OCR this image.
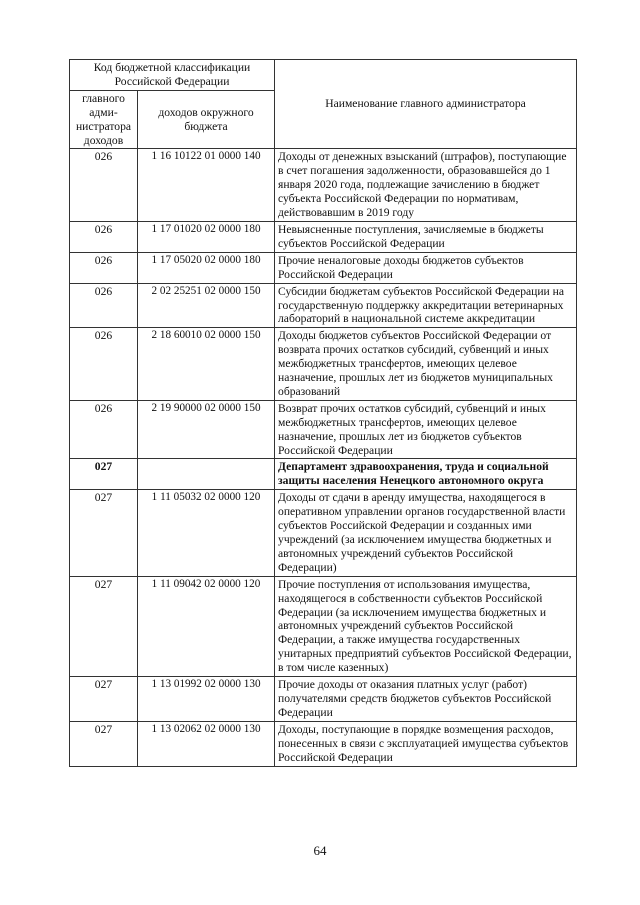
Код бюджетной классификации Российской Федерации		Наименование главного администратора
главного адми-нистратора доходов	доходов окружного бюджета	
026	1 16 10122 01 0000 140	Доходы от денежных взысканий (штрафов), поступающие в счет погашения задолженности, образовавшейся до 1 января 2020 года, подлежащие зачислению в бюджет субъекта Российской Федерации по нормативам, действовавшим в 2019 году
026	1 17 01020 02 0000 180	Невыясненные поступления, зачисляемые в бюджеты субъектов Российской Федерации
026	1 17 05020 02 0000 180	Прочие неналоговые доходы бюджетов субъектов Российской Федерации
026	2 02 25251 02 0000 150	Субсидии бюджетам субъектов Российской Федерации на государственную поддержку аккредитации ветеринарных лабораторий в национальной системе аккредитации
026	2 18 60010 02 0000 150	Доходы бюджетов субъектов Российской Федерации от возврата прочих остатков субсидий, субвенций и иных межбюджетных трансфертов, имеющих целевое назначение, прошлых лет из бюджетов муниципальных образований
026	2 19 90000 02 0000 150	Возврат прочих остатков субсидий, субвенций и иных межбюджетных трансфертов, имеющих целевое назначение, прошлых лет из бюджетов субъектов Российской Федерации
027		Департамент здравоохранения, труда и социальной защиты населения Ненецкого автономного округа
027	1 11 05032 02 0000 120	Доходы от сдачи в аренду имущества, находящегося в оперативном управлении органов государственной власти субъектов Российской Федерации и созданных ими учреждений (за исключением имущества бюджетных и автономных учреждений субъектов Российской Федерации)
027	1 11 09042 02 0000 120	Прочие поступления от использования имущества, находящегося в собственности субъектов Российской Федерации (за исключением имущества бюджетных и автономных учреждений субъектов Российской Федерации, а также имущества государственных унитарных предприятий субъектов Российской Федерации, в том числе казенных)
027	1 13 01992 02 0000 130	Прочие доходы от оказания платных услуг (работ) получателями средств бюджетов субъектов Российской Федерации
027	1 13 02062 02 0000 130	Доходы, поступающие в порядке возмещения расходов, понесенных в связи с эксплуатацией имущества субъектов Российской Федерации
64
